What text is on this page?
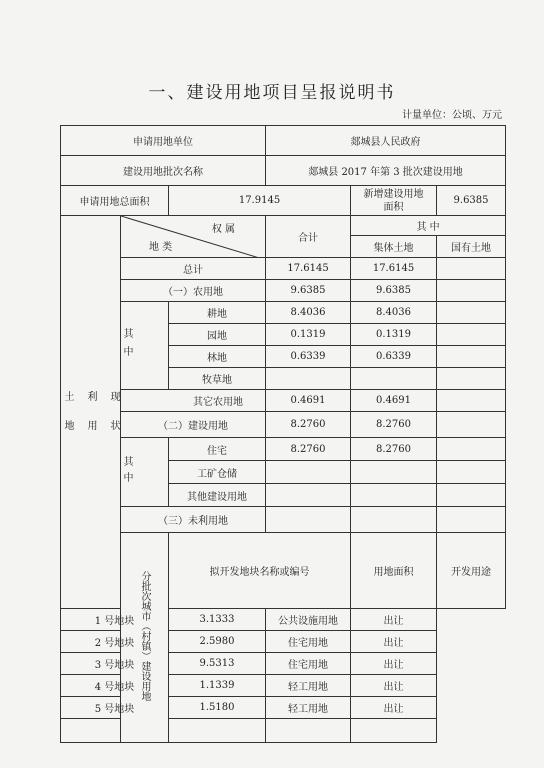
一、建设用地项目呈报说明书
计量单位：公顷、万元
申请用地单位			郯城县人民政府			
建设用地批次名称			郯城县 2017 年第 3 批次建设用地			
申请用地总面积		17.9145		新增建设用地面积	9.6385	

土 地 利 用 现 状	权 属
地 类		合计	其 中		
				集体土地	国有土地	
	总计		17.6145	17.6145		
	（一）农用地		9.6385	9.6385		

	其中	耕地	8.4036	8.4036		
		园地	0.1319	0.1319		
		林地	0.6339	0.6339		
		牧草地				
	其它农用地		0.4691	0.4691		
	（二）建设用地		8.2760	8.2760		

	其中	住宅	8.2760	8.2760		
		工矿仓储				
		其他建设用地				
	（三）未利用地					
	分批次城市（村镇）建设用地	拟开发地块名称或编号		用地面积	开发用途	
1 号地块		3.1333	公共设施用地	出让		
2 号地块		2.5980	住宅用地	出让		
3 号地块		9.5313	住宅用地	出让		
4 号地块		1.1339	轻工用地	出让		
5 号地块		1.5180	轻工用地	出让		
